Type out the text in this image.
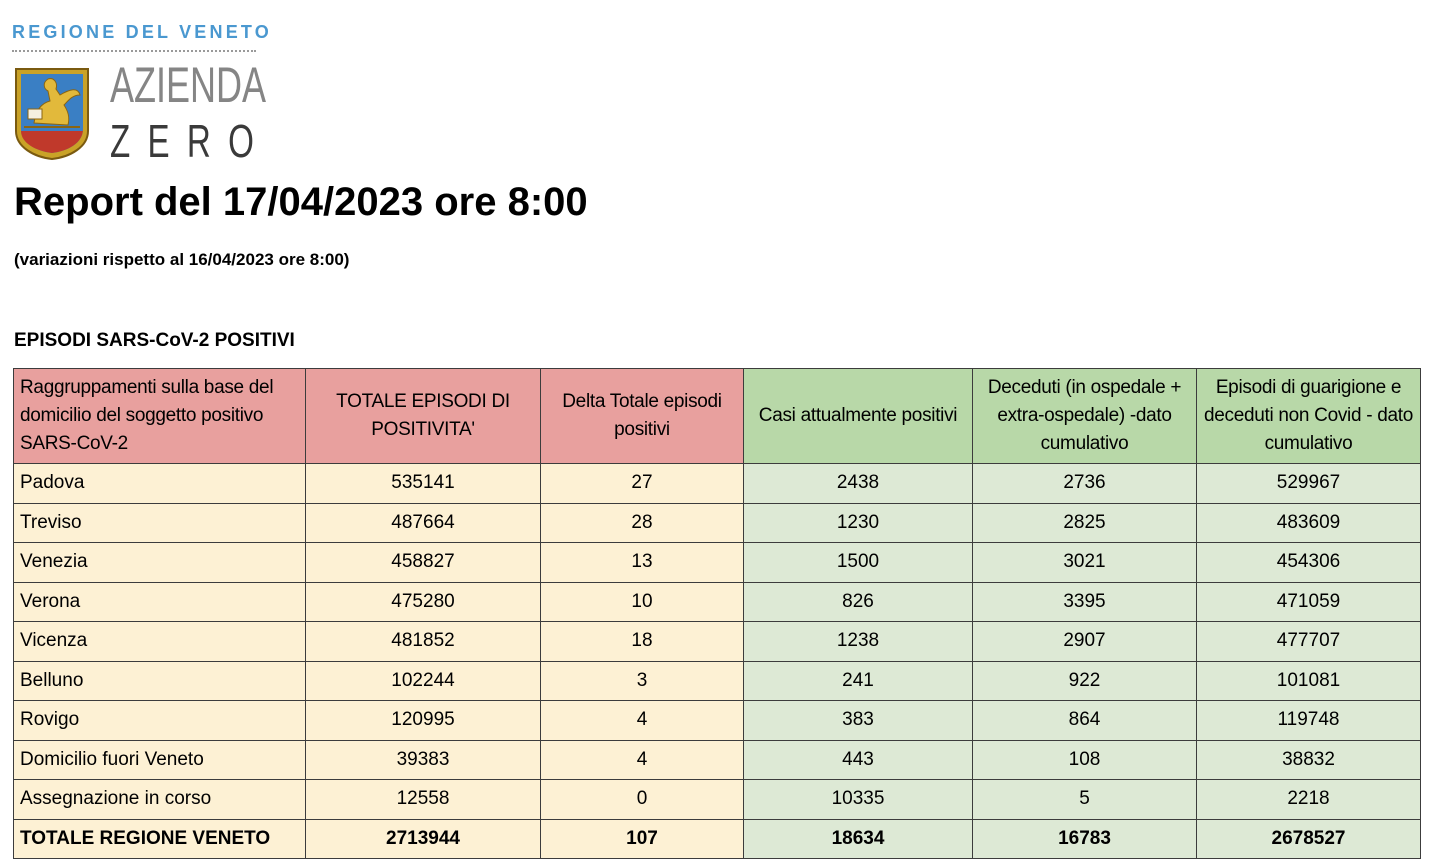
REGIONE DEL VENETO
AZIENDA
ZERO
Report del 17/04/2023 ore 8:00
(variazioni rispetto al 16/04/2023 ore 8:00)
EPISODI SARS-CoV-2 POSITIVI
Raggruppamenti sulla base del domicilio del soggetto positivo SARS-CoV-2	TOTALE EPISODI DI POSITIVITA'	Delta Totale episodi positivi	Casi attualmente positivi	Deceduti (in ospedale + extra-ospedale) -dato cumulativo	Episodi di guarigione e deceduti non Covid - dato cumulativo
Padova	535141	27	2438	2736	529967
Treviso	487664	28	1230	2825	483609
Venezia	458827	13	1500	3021	454306
Verona	475280	10	826	3395	471059
Vicenza	481852	18	1238	2907	477707
Belluno	102244	3	241	922	101081
Rovigo	120995	4	383	864	119748
Domicilio fuori Veneto	39383	4	443	108	38832
Assegnazione in corso	12558	0	10335	5	2218
TOTALE REGIONE VENETO	2713944	107	18634	16783	2678527
